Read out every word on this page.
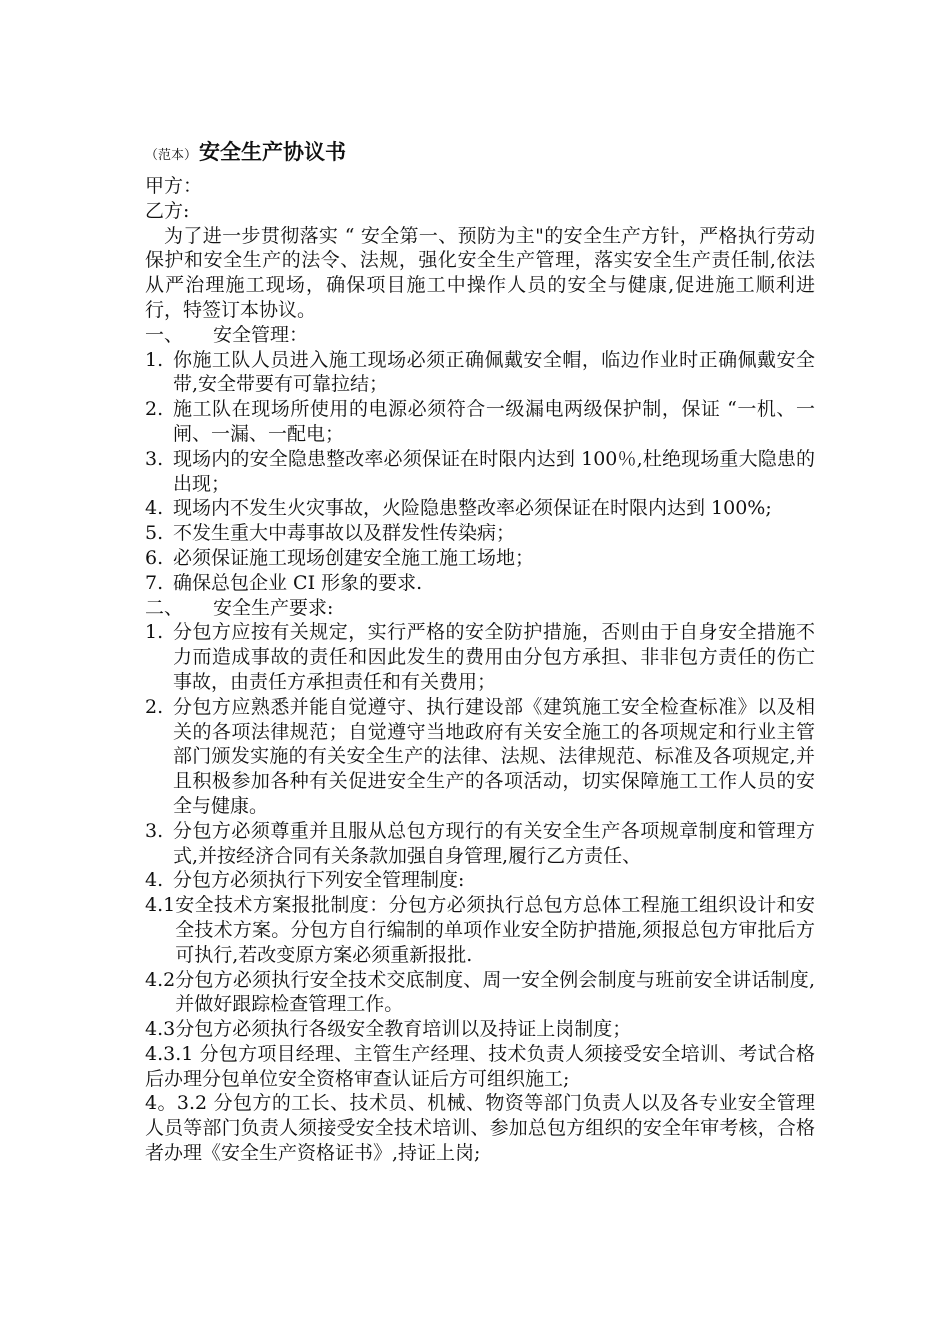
（范本） 安全生产协议书
甲方：
乙方:

为了进一步贯彻落实 “ 安全第一、预防为主"的安全生产方针，严格执行劳动保护和安全生产的法令、法规，强化安全生产管理，落实安全生产责任制,依法从严治理施工现场，确保项目施工中操作人员的安全与健康,促进施工顺利进行，特签订本协议。

一、	安全管理：
1. 你施工队人员进入施工现场必须正确佩戴安全帽，临边作业时正确佩戴安全带,安全带要有可靠拉结；
2. 施工队在现场所使用的电源必须符合一级漏电两级保护制，保证 “一机、一闸、一漏、一配电；
3. 现场内的安全隐患整改率必须保证在时限内达到 100％,杜绝现场重大隐患的出现；
4. 现场内不发生火灾事故，火险隐患整改率必须保证在时限内达到 100%;
5. 不发生重大中毒事故以及群发性传染病；
6. 必须保证施工现场创建安全施工施工场地；
7. 确保总包企业 CI 形象的要求.
二、	安全生产要求:
1. 分包方应按有关规定，实行严格的安全防护措施，否则由于自身安全措施不力而造成事故的责任和因此发生的费用由分包方承担、非非包方责任的伤亡事故，由责任方承担责任和有关费用；
2. 分包方应熟悉并能自觉遵守、执行建设部《建筑施工安全检查标准》以及相关的各项法律规范；自觉遵守当地政府有关安全施工的各项规定和行业主管部门颁发实施的有关安全生产的法律、法规、法律规范、标准及各项规定,并且积极参加各种有关促进安全生产的各项活动，切实保障施工工作人员的安全与健康。
3. 分包方必须尊重并且服从总包方现行的有关安全生产各项规章制度和管理方式,并按经济合同有关条款加强自身管理,履行乙方责任、
4. 分包方必须执行下列安全管理制度:
4.1 安全技术方案报批制度：分包方必须执行总包方总体工程施工组织设计和安全技术方案。分包方自行编制的单项作业安全防护措施,须报总包方审批后方可执行,若改变原方案必须重新报批.
4.2 分包方必须执行安全技术交底制度、周一安全例会制度与班前安全讲话制度,并做好跟踪检查管理工作。
4.3 分包方必须执行各级安全教育培训以及持证上岗制度；

4.3.1 分包方项目经理、主管生产经理、技术负责人须接受安全培训、考试合格后办理分包单位安全资格审查认证后方可组织施工;

4。3.2 分包方的工长、技术员、机械、物资等部门负责人以及各专业安全管理人员等部门负责人须接受安全技术培训、参加总包方组织的安全年审考核，合格者办理《安全生产资格证书》,持证上岗;
